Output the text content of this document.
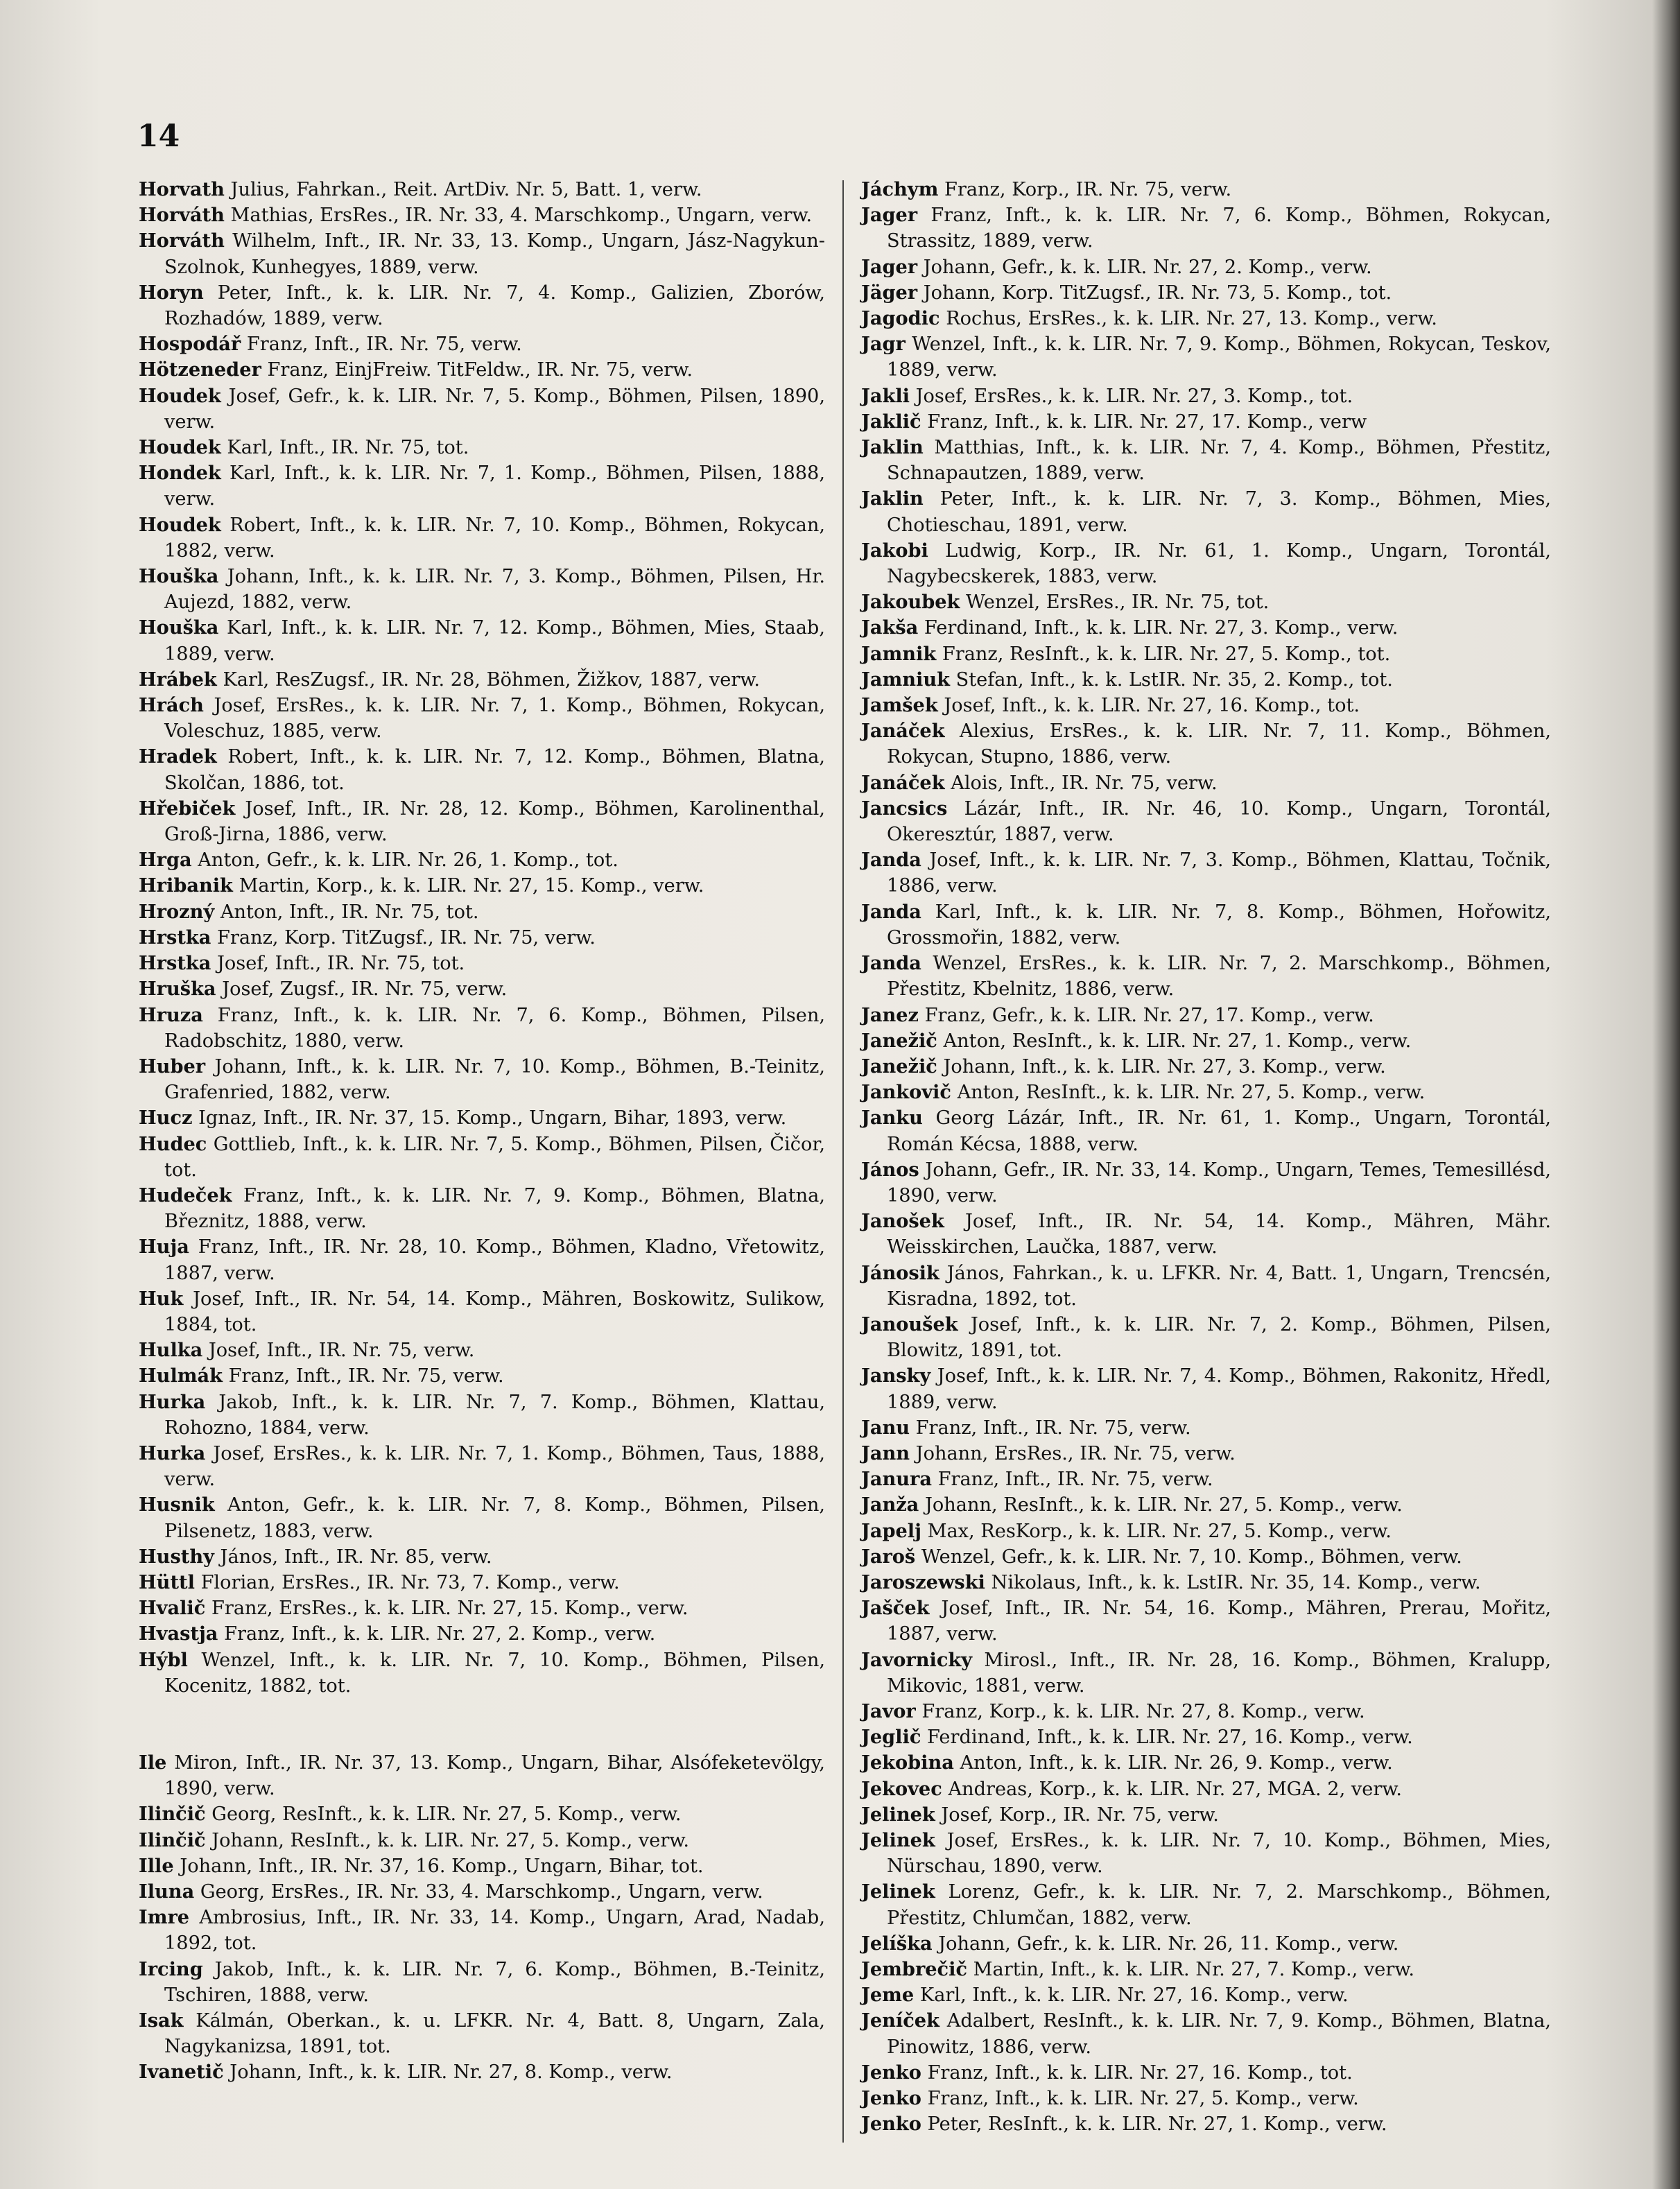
14

Horvath Julius, Fahrkan., Reit. ArtDiv. Nr. 5, Batt. 1, verw.

Horváth Mathias, ErsRes., IR. Nr. 33, 4. Marschkomp., Ungarn, verw.

Horváth Wilhelm, Inft., IR. Nr. 33, 13. Komp., Ungarn, Jász-Nagykun-Szolnok, Kunhegyes, 1889, verw.

Horyn Peter, Inft., k. k. LIR. Nr. 7, 4. Komp., Galizien, Zborów, Rozhadów, 1889, verw.

Hospodář Franz, Inft., IR. Nr. 75, verw.

Hötzeneder Franz, EinjFreiw. TitFeldw., IR. Nr. 75, verw.

Houdek Josef, Gefr., k. k. LIR. Nr. 7, 5. Komp., Böhmen, Pilsen, 1890, verw.

Houdek Karl, Inft., IR. Nr. 75, tot.

Hondek Karl, Inft., k. k. LIR. Nr. 7, 1. Komp., Böhmen, Pilsen, 1888, verw.

Houdek Robert, Inft., k. k. LIR. Nr. 7, 10. Komp., Böhmen, Rokycan, 1882, verw.

Houška Johann, Inft., k. k. LIR. Nr. 7, 3. Komp., Böhmen, Pilsen, Hr. Aujezd, 1882, verw.

Houška Karl, Inft., k. k. LIR. Nr. 7, 12. Komp., Böhmen, Mies, Staab, 1889, verw.

Hrábek Karl, ResZugsf., IR. Nr. 28, Böhmen, Žižkov, 1887, verw.

Hrách Josef, ErsRes., k. k. LIR. Nr. 7, 1. Komp., Böhmen, Rokycan, Voleschuz, 1885, verw.

Hradek Robert, Inft., k. k. LIR. Nr. 7, 12. Komp., Böhmen, Blatna, Skolčan, 1886, tot.

Hřebiček Josef, Inft., IR. Nr. 28, 12. Komp., Böhmen, Karolinenthal, Groß-Jirna, 1886, verw.

Hrga Anton, Gefr., k. k. LIR. Nr. 26, 1. Komp., tot.

Hribanik Martin, Korp., k. k. LIR. Nr. 27, 15. Komp., verw.

Hrozný Anton, Inft., IR. Nr. 75, tot.

Hrstka Franz, Korp. TitZugsf., IR. Nr. 75, verw.

Hrstka Josef, Inft., IR. Nr. 75, tot.

Hruška Josef, Zugsf., IR. Nr. 75, verw.

Hruza Franz, Inft., k. k. LIR. Nr. 7, 6. Komp., Böhmen, Pilsen, Radobschitz, 1880, verw.

Huber Johann, Inft., k. k. LIR. Nr. 7, 10. Komp., Böhmen, B.-Teinitz, Grafenried, 1882, verw.

Hucz Ignaz, Inft., IR. Nr. 37, 15. Komp., Ungarn, Bihar, 1893, verw.

Hudec Gottlieb, Inft., k. k. LIR. Nr. 7, 5. Komp., Böhmen, Pilsen, Čičor, tot.

Hudeček Franz, Inft., k. k. LIR. Nr. 7, 9. Komp., Böhmen, Blatna, Březnitz, 1888, verw.

Huja Franz, Inft., IR. Nr. 28, 10. Komp., Böhmen, Kladno, Vřetowitz, 1887, verw.

Huk Josef, Inft., IR. Nr. 54, 14. Komp., Mähren, Boskowitz, Sulikow, 1884, tot.

Hulka Josef, Inft., IR. Nr. 75, verw.

Hulmák Franz, Inft., IR. Nr. 75, verw.

Hurka Jakob, Inft., k. k. LIR. Nr. 7, 7. Komp., Böhmen, Klattau, Rohozno, 1884, verw.

Hurka Josef, ErsRes., k. k. LIR. Nr. 7, 1. Komp., Böhmen, Taus, 1888, verw.

Husnik Anton, Gefr., k. k. LIR. Nr. 7, 8. Komp., Böhmen, Pilsen, Pilsenetz, 1883, verw.

Husthy János, Inft., IR. Nr. 85, verw.

Hüttl Florian, ErsRes., IR. Nr. 73, 7. Komp., verw.

Hvalič Franz, ErsRes., k. k. LIR. Nr. 27, 15. Komp., verw.

Hvastja Franz, Inft., k. k. LIR. Nr. 27, 2. Komp., verw.

Hýbl Wenzel, Inft., k. k. LIR. Nr. 7, 10. Komp., Böhmen, Pilsen, Kocenitz, 1882, tot.

Ile Miron, Inft., IR. Nr. 37, 13. Komp., Ungarn, Bihar, Alsófeketevölgy, 1890, verw.

Ilinčič Georg, ResInft., k. k. LIR. Nr. 27, 5. Komp., verw.

Ilinčič Johann, ResInft., k. k. LIR. Nr. 27, 5. Komp., verw.

Ille Johann, Inft., IR. Nr. 37, 16. Komp., Ungarn, Bihar, tot.

Iluna Georg, ErsRes., IR. Nr. 33, 4. Marschkomp., Ungarn, verw.

Imre Ambrosius, Inft., IR. Nr. 33, 14. Komp., Ungarn, Arad, Nadab, 1892, tot.

Ircing Jakob, Inft., k. k. LIR. Nr. 7, 6. Komp., Böhmen, B.-Teinitz, Tschiren, 1888, verw.

Isak Kálmán, Oberkan., k. u. LFKR. Nr. 4, Batt. 8, Ungarn, Zala, Nagykanizsa, 1891, tot.

Ivanetič Johann, Inft., k. k. LIR. Nr. 27, 8. Komp., verw.

Jáchym Franz, Korp., IR. Nr. 75, verw.

Jager Franz, Inft., k. k. LIR. Nr. 7, 6. Komp., Böhmen, Rokycan, Strassitz, 1889, verw.

Jager Johann, Gefr., k. k. LIR. Nr. 27, 2. Komp., verw.

Jäger Johann, Korp. TitZugsf., IR. Nr. 73, 5. Komp., tot.

Jagodic Rochus, ErsRes., k. k. LIR. Nr. 27, 13. Komp., verw.

Jagr Wenzel, Inft., k. k. LIR. Nr. 7, 9. Komp., Böhmen, Rokycan, Teskov, 1889, verw.

Jakli Josef, ErsRes., k. k. LIR. Nr. 27, 3. Komp., tot.

Jaklič Franz, Inft., k. k. LIR. Nr. 27, 17. Komp., verw

Jaklin Matthias, Inft., k. k. LIR. Nr. 7, 4. Komp., Böhmen, Přestitz, Schnapautzen, 1889, verw.

Jaklin Peter, Inft., k. k. LIR. Nr. 7, 3. Komp., Böhmen, Mies, Chotieschau, 1891, verw.

Jakobi Ludwig, Korp., IR. Nr. 61, 1. Komp., Ungarn, Torontál, Nagybecskerek, 1883, verw.

Jakoubek Wenzel, ErsRes., IR. Nr. 75, tot.

Jakša Ferdinand, Inft., k. k. LIR. Nr. 27, 3. Komp., verw.

Jamnik Franz, ResInft., k. k. LIR. Nr. 27, 5. Komp., tot.

Jamniuk Stefan, Inft., k. k. LstIR. Nr. 35, 2. Komp., tot.

Jamšek Josef, Inft., k. k. LIR. Nr. 27, 16. Komp., tot.

Janáček Alexius, ErsRes., k. k. LIR. Nr. 7, 11. Komp., Böhmen, Rokycan, Stupno, 1886, verw.

Janáček Alois, Inft., IR. Nr. 75, verw.

Jancsics Lázár, Inft., IR. Nr. 46, 10. Komp., Ungarn, Torontál, Okeresztúr, 1887, verw.

Janda Josef, Inft., k. k. LIR. Nr. 7, 3. Komp., Böhmen, Klattau, Točnik, 1886, verw.

Janda Karl, Inft., k. k. LIR. Nr. 7, 8. Komp., Böhmen, Hořowitz, Grossmořin, 1882, verw.

Janda Wenzel, ErsRes., k. k. LIR. Nr. 7, 2. Marschkomp., Böhmen, Přestitz, Kbelnitz, 1886, verw.

Janez Franz, Gefr., k. k. LIR. Nr. 27, 17. Komp., verw.

Janežič Anton, ResInft., k. k. LIR. Nr. 27, 1. Komp., verw.

Janežič Johann, Inft., k. k. LIR. Nr. 27, 3. Komp., verw.

Jankovič Anton, ResInft., k. k. LIR. Nr. 27, 5. Komp., verw.

Janku Georg Lázár, Inft., IR. Nr. 61, 1. Komp., Ungarn, Torontál, Román Kécsa, 1888, verw.

János Johann, Gefr., IR. Nr. 33, 14. Komp., Ungarn, Temes, Temesillésd, 1890, verw.

Janošek Josef, Inft., IR. Nr. 54, 14. Komp., Mähren, Mähr. Weisskirchen, Laučka, 1887, verw.

Jánosik János, Fahrkan., k. u. LFKR. Nr. 4, Batt. 1, Ungarn, Trencsén, Kisradna, 1892, tot.

Janoušek Josef, Inft., k. k. LIR. Nr. 7, 2. Komp., Böhmen, Pilsen, Blowitz, 1891, tot.

Jansky Josef, Inft., k. k. LIR. Nr. 7, 4. Komp., Böhmen, Rakonitz, Hředl, 1889, verw.

Janu Franz, Inft., IR. Nr. 75, verw.

Jann Johann, ErsRes., IR. Nr. 75, verw.

Janura Franz, Inft., IR. Nr. 75, verw.

Janža Johann, ResInft., k. k. LIR. Nr. 27, 5. Komp., verw.

Japelj Max, ResKorp., k. k. LIR. Nr. 27, 5. Komp., verw.

Jaroš Wenzel, Gefr., k. k. LIR. Nr. 7, 10. Komp., Böhmen, verw.

Jaroszewski Nikolaus, Inft., k. k. LstIR. Nr. 35, 14. Komp., verw.

Jašček Josef, Inft., IR. Nr. 54, 16. Komp., Mähren, Prerau, Mořitz, 1887, verw.

Javornicky Mirosl., Inft., IR. Nr. 28, 16. Komp., Böhmen, Kralupp, Mikovic, 1881, verw.

Javor Franz, Korp., k. k. LIR. Nr. 27, 8. Komp., verw.

Jeglič Ferdinand, Inft., k. k. LIR. Nr. 27, 16. Komp., verw.

Jekobina Anton, Inft., k. k. LIR. Nr. 26, 9. Komp., verw.

Jekovec Andreas, Korp., k. k. LIR. Nr. 27, MGA. 2, verw.

Jelinek Josef, Korp., IR. Nr. 75, verw.

Jelinek Josef, ErsRes., k. k. LIR. Nr. 7, 10. Komp., Böhmen, Mies, Nürschau, 1890, verw.

Jelinek Lorenz, Gefr., k. k. LIR. Nr. 7, 2. Marschkomp., Böhmen, Přestitz, Chlumčan, 1882, verw.

Jelíška Johann, Gefr., k. k. LIR. Nr. 26, 11. Komp., verw.

Jembrečič Martin, Inft., k. k. LIR. Nr. 27, 7. Komp., verw.

Jeme Karl, Inft., k. k. LIR. Nr. 27, 16. Komp., verw.

Jeníček Adalbert, ResInft., k. k. LIR. Nr. 7, 9. Komp., Böhmen, Blatna, Pinowitz, 1886, verw.

Jenko Franz, Inft., k. k. LIR. Nr. 27, 16. Komp., tot.

Jenko Franz, Inft., k. k. LIR. Nr. 27, 5. Komp., verw.

Jenko Peter, ResInft., k. k. LIR. Nr. 27, 1. Komp., verw.
